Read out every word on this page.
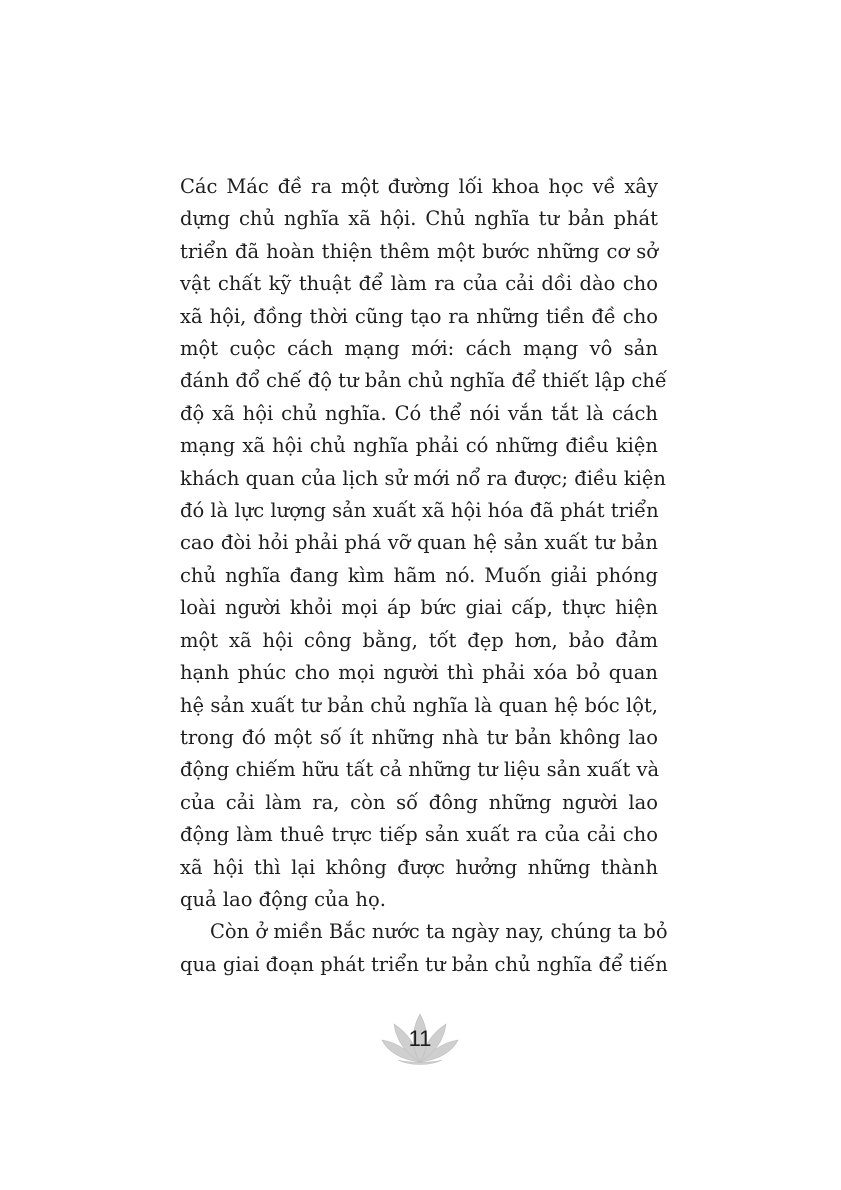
Các Mác đề ra một đường lối khoa học về xây
dựng chủ nghĩa xã hội. Chủ nghĩa tư bản phát
triển đã hoàn thiện thêm một bước những cơ sở
vật chất kỹ thuật để làm ra của cải dồi dào cho
xã hội, đồng thời cũng tạo ra những tiền đề cho
một cuộc cách mạng mới: cách mạng vô sản
đánh đổ chế độ tư bản chủ nghĩa để thiết lập chế
độ xã hội chủ nghĩa. Có thể nói vắn tắt là cách
mạng xã hội chủ nghĩa phải có những điều kiện
khách quan của lịch sử mới nổ ra được; điều kiện
đó là lực lượng sản xuất xã hội hóa đã phát triển
cao đòi hỏi phải phá vỡ quan hệ sản xuất tư bản
chủ nghĩa đang kìm hãm nó. Muốn giải phóng
loài người khỏi mọi áp bức giai cấp, thực hiện
một xã hội công bằng, tốt đẹp hơn, bảo đảm
hạnh phúc cho mọi người thì phải xóa bỏ quan
hệ sản xuất tư bản chủ nghĩa là quan hệ bóc lột,
trong đó một số ít những nhà tư bản không lao
động chiếm hữu tất cả những tư liệu sản xuất và
của cải làm ra, còn số đông những người lao
động làm thuê trực tiếp sản xuất ra của cải cho
xã hội thì lại không được hưởng những thành
quả lao động của họ.
Còn ở miền Bắc nước ta ngày nay, chúng ta bỏ
qua giai đoạn phát triển tư bản chủ nghĩa để tiến
11
